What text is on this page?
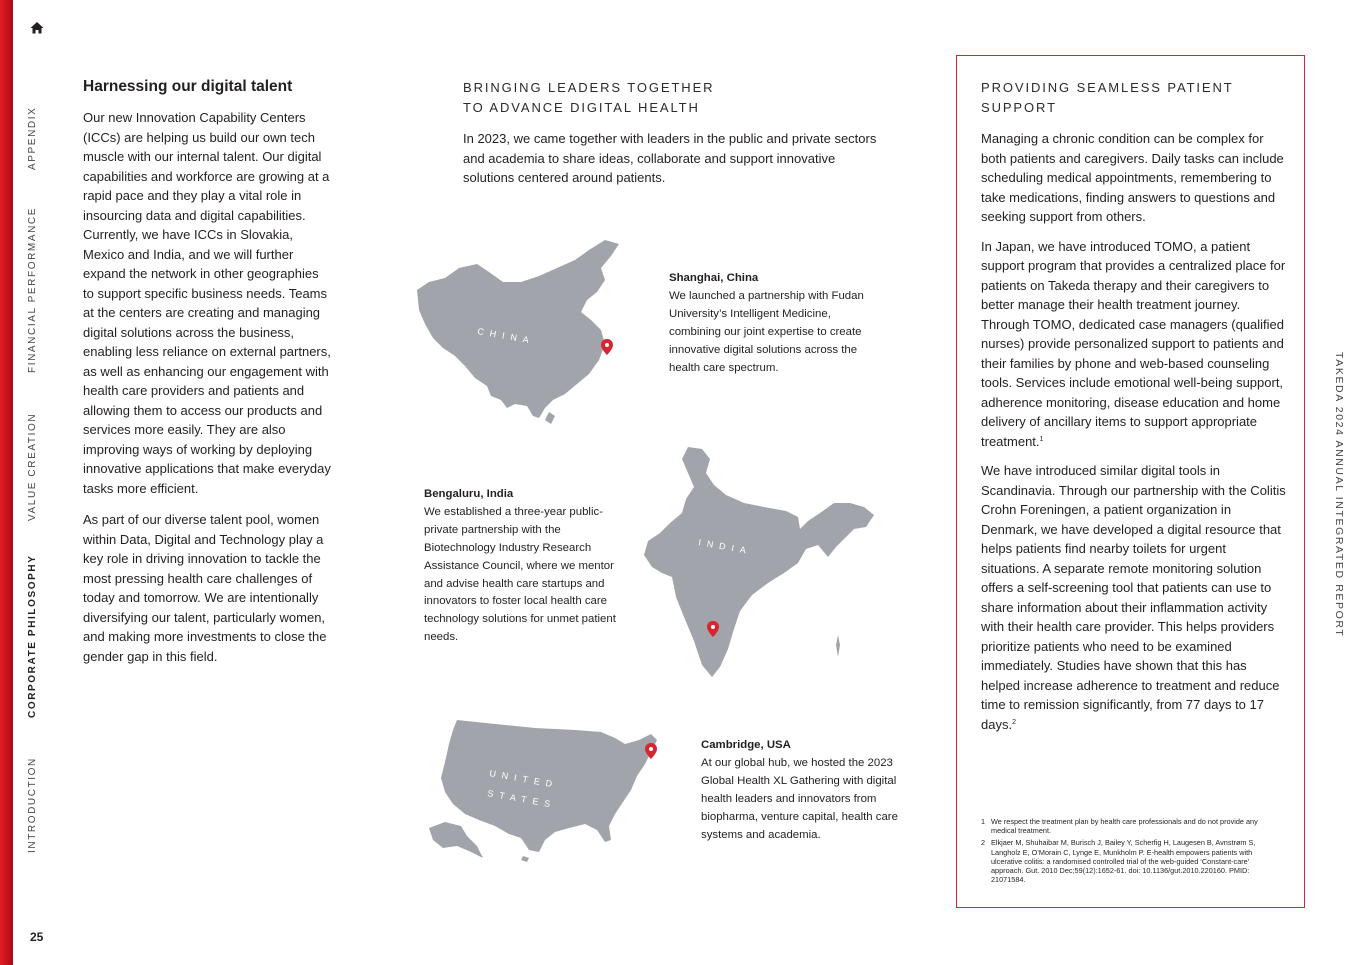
APPENDIX
FINANCIAL PERFORMANCE
VALUE CREATION
CORPORATE PHILOSOPHY
INTRODUCTION
25
TAKEDA 2024 ANNUAL INTEGRATED REPORT
Harnessing our digital talent

Our new Innovation Capability Centers (ICCs) are helping us build our own tech muscle with our internal talent. Our digital capabilities and workforce are growing at a rapid pace and they play a vital role in insourcing data and digital capabilities. Currently, we have ICCs in Slovakia, Mexico and India, and we will further expand the network in other geographies to support specific business needs. Teams at the centers are creating and managing digital solutions across the business, enabling less reliance on external partners, as well as enhancing our engagement with health care providers and patients and allowing them to access our products and services more easily. They are also improving ways of working by deploying innovative applications that make everyday tasks more efficient.

As part of our diverse talent pool, women within Data, Digital and Technology play a key role in driving innovation to tackle the most pressing health care challenges of today and tomorrow. We are intentionally diversifying our talent, particularly women, and making more investments to close the gender gap in this field.

BRINGING LEADERS TOGETHER
TO ADVANCE DIGITAL HEALTH

In 2023, we came together with leaders in the public and private sectors and academia to share ideas, collaborate and support innovative solutions centered around patients.

CHINA
Shanghai, China

We launched a partnership with Fudan University’s Intelligent Medicine, combining our joint expertise to create innovative digital solutions across the health care spectrum.

INDIA
Bengaluru, India

We established a three-year public-private partnership with the Biotechnology Industry Research Assistance Council, where we mentor and advise health care startups and innovators to foster local health care technology solutions for unmet patient needs.

UNITED
STATES
Cambridge, USA

At our global hub, we hosted the 2023 Global Health XL Gathering with digital health leaders and innovators from biopharma, venture capital, health care systems and academia.

PROVIDING SEAMLESS PATIENT
SUPPORT

Managing a chronic condition can be complex for both patients and caregivers. Daily tasks can include scheduling medical appointments, remembering to take medications, finding answers to questions and seeking support from others.

In Japan, we have introduced TOMO, a patient support program that provides a centralized place for patients on Takeda therapy and their caregivers to better manage their health treatment journey. Through TOMO, dedicated case managers (qualified nurses) provide personalized support to patients and their families by phone and web-based counseling tools. Services include emotional well-being support, adherence monitoring, disease education and home delivery of ancillary items to support appropriate treatment.$^1$

We have introduced similar digital tools in Scandinavia. Through our partnership with the Colitis Crohn Foreningen, a patient organization in Denmark, we have developed a digital resource that helps patients find nearby toilets for urgent situations. A separate remote monitoring solution offers a self-screening tool that patients can use to share information about their inflammation activity with their health care provider. This helps providers prioritize patients who need to be examined immediately. Studies have shown that this has helped increase adherence to treatment and reduce time to remission significantly, from 77 days to 17 days.$^2$

1 We respect the treatment plan by health care professionals and do not provide any medical treatment.
2 Elkjaer M, Shuhaibar M, Burisch J, Bailey Y, Scherfig H, Laugesen B, Avnstrøm S, Langholz E, O’Morain C, Lynge E, Munkholm P. E-health empowers patients with ulcerative colitis: a randomised controlled trial of the web-guided ‘Constant-care’ approach. Gut. 2010 Dec;59(12):1652-61. doi: 10.1136/gut.2010.220160. PMID: 21071584.
